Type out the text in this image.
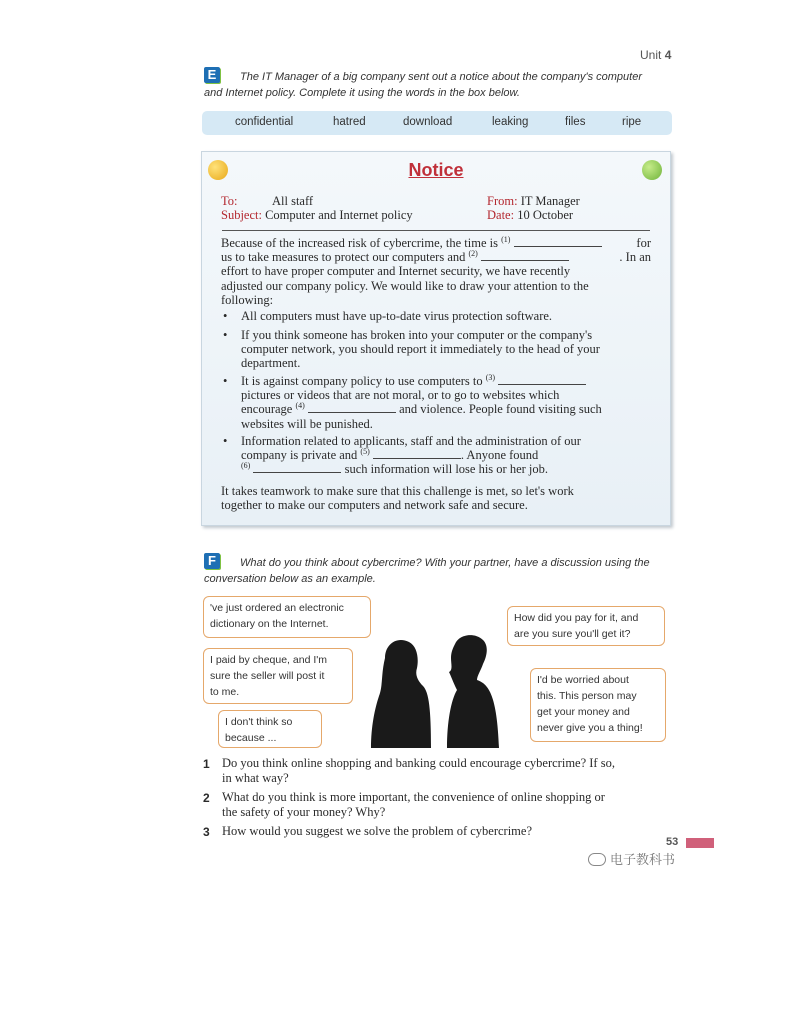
Unit 4
E	The IT Manager of a big company sent out a notice about the company's computer
and Internet policy. Complete it using the words in the box below.
confidential	hatred	download	leaking	files	ripe
Notice
To:	All staff
Subject: Computer and Internet policy
From: IT Manager
Date: 10 October
Because of the increased risk of cybercrime, the time is $^{(1)}$	for
us to take measures to protect our computers and $^{(2)}$	. In an
effort to have proper computer and Internet security, we have recently
adjusted our company policy. We would like to draw your attention to the
following:
• All computers must have up-to-date virus protection software.
• If you think someone has broken into your computer or the company's
computer network, you should report it immediately to the head of your
department.
• It is against company policy to use computers to $^{(3)}$
pictures or videos that are not moral, or to go to websites which
encourage $^{(4)}$	and violence. People found visiting such
websites will be punished.
• Information related to applicants, staff and the administration of our
company is private and $^{(5)}$	. Anyone found
$^{(6)}$	such information will lose his or her job.
It takes teamwork to make sure that this challenge is met, so let's work
together to make our computers and network safe and secure.
F	What do you think about cybercrime? With your partner, have a discussion using the
conversation below as an example.
've just ordered an electronic
dictionary on the Internet.	How did you pay for it, and
are you sure you'll get it?
I paid by cheque, and I'm
sure the seller will post it
to me.
I'd be worried about
this. This person may
get your money and
never give you a thing!
I don't think so
because ...
1 Do you think online shopping and banking could encourage cybercrime? If so,
in what way?
2 What do you think is more important, the convenience of online shopping or
the safety of your money? Why?
3 How would you suggest we solve the problem of cybercrime?
53
电子教科书
